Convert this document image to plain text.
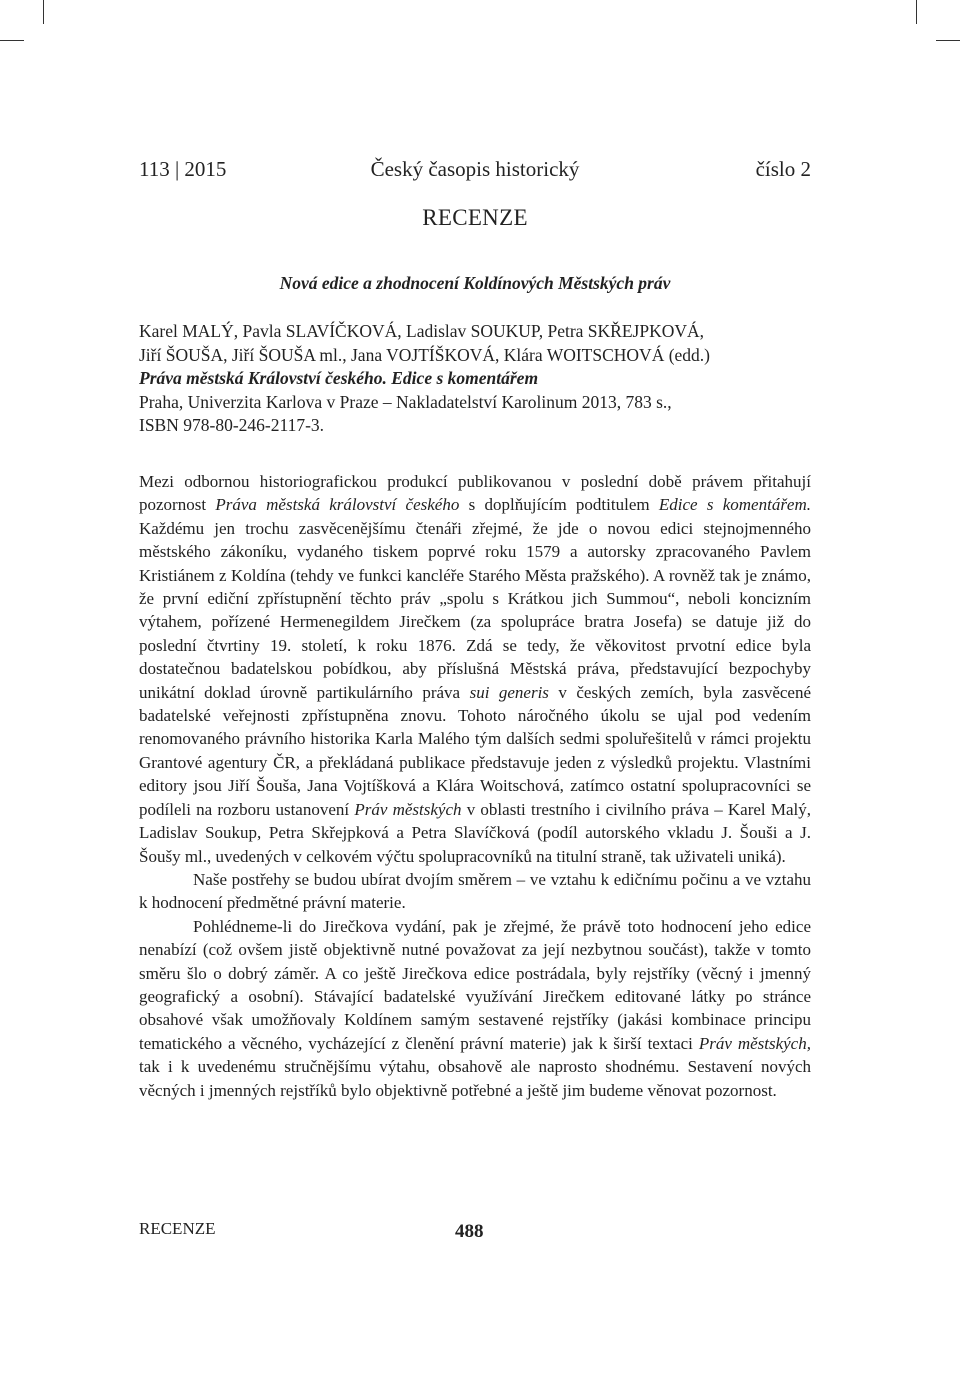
113 | 2015	Český časopis historický	číslo 2
RECENZE
Nová edice a zhodnocení Koldínových Městských práv
Karel MALÝ, Pavla SLAVÍČKOVÁ, Ladislav SOUKUP, Petra SKŘEJPKOVÁ,
Jiří ŠOUŠA, Jiří ŠOUŠA ml., Jana VOJTÍŠKOVÁ, Klára WOITSCHOVÁ (edd.)
Práva městská Království českého. Edice s komentářem
Praha, Univerzita Karlova v Praze – Nakladatelství Karolinum 2013, 783 s.,
ISBN 978-80-246-2117-3.

Mezi odbornou historiografickou produkcí publikovanou v poslední době právem přitahují pozornost Práva městská království českého s doplňujícím podtitulem Edice s komentářem. Každému jen trochu zasvěcenějšímu čtenáři zřejmé, že jde o novou edici stejnojmenného městského zákoníku, vydaného tiskem poprvé roku 1579 a autorsky zpracovaného Pavlem Kristiánem z Koldína (tehdy ve funkci kancléře Starého Města pražského). A rovněž tak je známo, že první ediční zpřístupnění těchto práv „spolu s Krátkou jich Summou“, neboli koncizním výtahem, pořízené Hermenegildem Jirečkem (za spolupráce bratra Josefa) se datuje již do poslední čtvrtiny 19. století, k roku 1876. Zdá se tedy, že věkovitost prvotní edice byla dostatečnou badatelskou pobídkou, aby příslušná Městská práva, představující bezpochyby unikátní doklad úrovně partikulárního práva sui generis v českých zemích, byla zasvěcené badatelské veřejnosti zpřístupněna znovu. Tohoto náročného úkolu se ujal pod vedením renomovaného právního historika Karla Malého tým dalších sedmi spoluřešitelů v rámci projektu Grantové agentury ČR, a překládaná publikace představuje jeden z výsledků projektu. Vlastními editory jsou Jiří Šouša, Jana Vojtíšková a Klára Woitschová, zatímco ostatní spolupracovníci se podíleli na rozboru ustanovení Práv městských v oblasti trestního i civilního práva – Karel Malý, Ladislav Soukup, Petra Skřejpková a Petra Slavíčková (podíl autorského vkladu J. Šouši a J. Šoušy ml., uvedených v celkovém výčtu spolupracovníků na titulní straně, tak uživateli uniká).

Naše postřehy se budou ubírat dvojím směrem – ve vztahu k edičnímu počinu a ve vztahu k hodnocení předmětné právní materie.

Pohlédneme-li do Jirečkova vydání, pak je zřejmé, že právě toto hodnocení jeho edice nenabízí (což ovšem jistě objektivně nutné považovat za její nezbytnou součást), takže v tomto směru šlo o dobrý záměr. A co ještě Jirečkova edice postrádala, byly rejstříky (věcný i jmenný geografický a osobní). Stávající badatelské využívání Jirečkem editované látky po stránce obsahové však umožňovaly Koldínem samým sestavené rejstříky (jakási kombinace principu tematického a věcného, vycházející z členění právní materie) jak k širší textaci Práv městských, tak i k uvedenému stručnějšímu výtahu, obsahově ale naprosto shodnému. Sestavení nových věcných i jmenných rejstříků bylo objektivně potřebné a ještě jim budeme věnovat pozornost.

RECENZE	488
